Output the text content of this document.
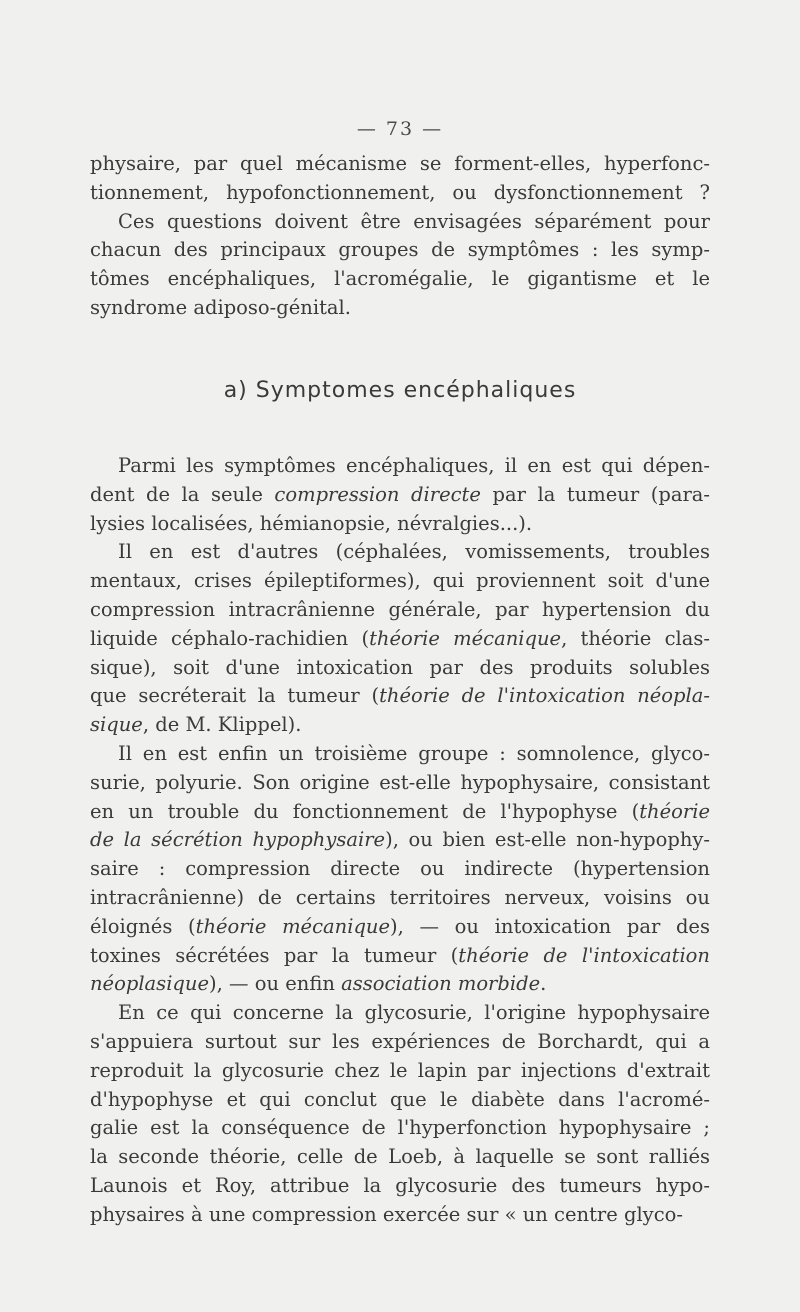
— 73 —

physaire, par quel mécanisme se forment-elles, hyperfonc-
tionnement, hypofonctionnement, ou dysfonctionnement ?
Ces questions doivent être envisagées séparément pour
chacun des principaux groupes de symptômes : les symp-
tômes encéphaliques, l'acromégalie, le gigantisme et le
syndrome adiposo-génital.

a) Symptomes encéphaliques

Parmi les symptômes encéphaliques, il en est qui dépen-
dent de la seule compression directe par la tumeur (para-
lysies localisées, hémianopsie, névralgies...).

Il en est d'autres (céphalées, vomissements, troubles
mentaux, crises épileptiformes), qui proviennent soit d'une
compression intracrânienne générale, par hypertension du
liquide céphalo-rachidien (théorie mécanique, théorie clas-
sique), soit d'une intoxication par des produits solubles
que secréterait la tumeur (théorie de l'intoxication néopla-
sique, de M. Klippel).

Il en est enfin un troisième groupe : somnolence, glyco-
surie, polyurie. Son origine est-elle hypophysaire, consistant
en un trouble du fonctionnement de l'hypophyse (théorie
de la sécrétion hypophysaire), ou bien est-elle non-hypophy-
saire : compression directe ou indirecte (hypertension
intracrânienne) de certains territoires nerveux, voisins ou
éloignés (théorie mécanique), — ou intoxication par des
toxines sécrétées par la tumeur (théorie de l'intoxication
néoplasique), — ou enfin association morbide.

En ce qui concerne la glycosurie, l'origine hypophysaire
s'appuiera surtout sur les expériences de Borchardt, qui a
reproduit la glycosurie chez le lapin par injections d'extrait
d'hypophyse et qui conclut que le diabète dans l'acromé-
galie est la conséquence de l'hyperfonction hypophysaire ;
la seconde théorie, celle de Loeb, à laquelle se sont ralliés
Launois et Roy, attribue la glycosurie des tumeurs hypo-
physaires à une compression exercée sur « un centre glyco-
